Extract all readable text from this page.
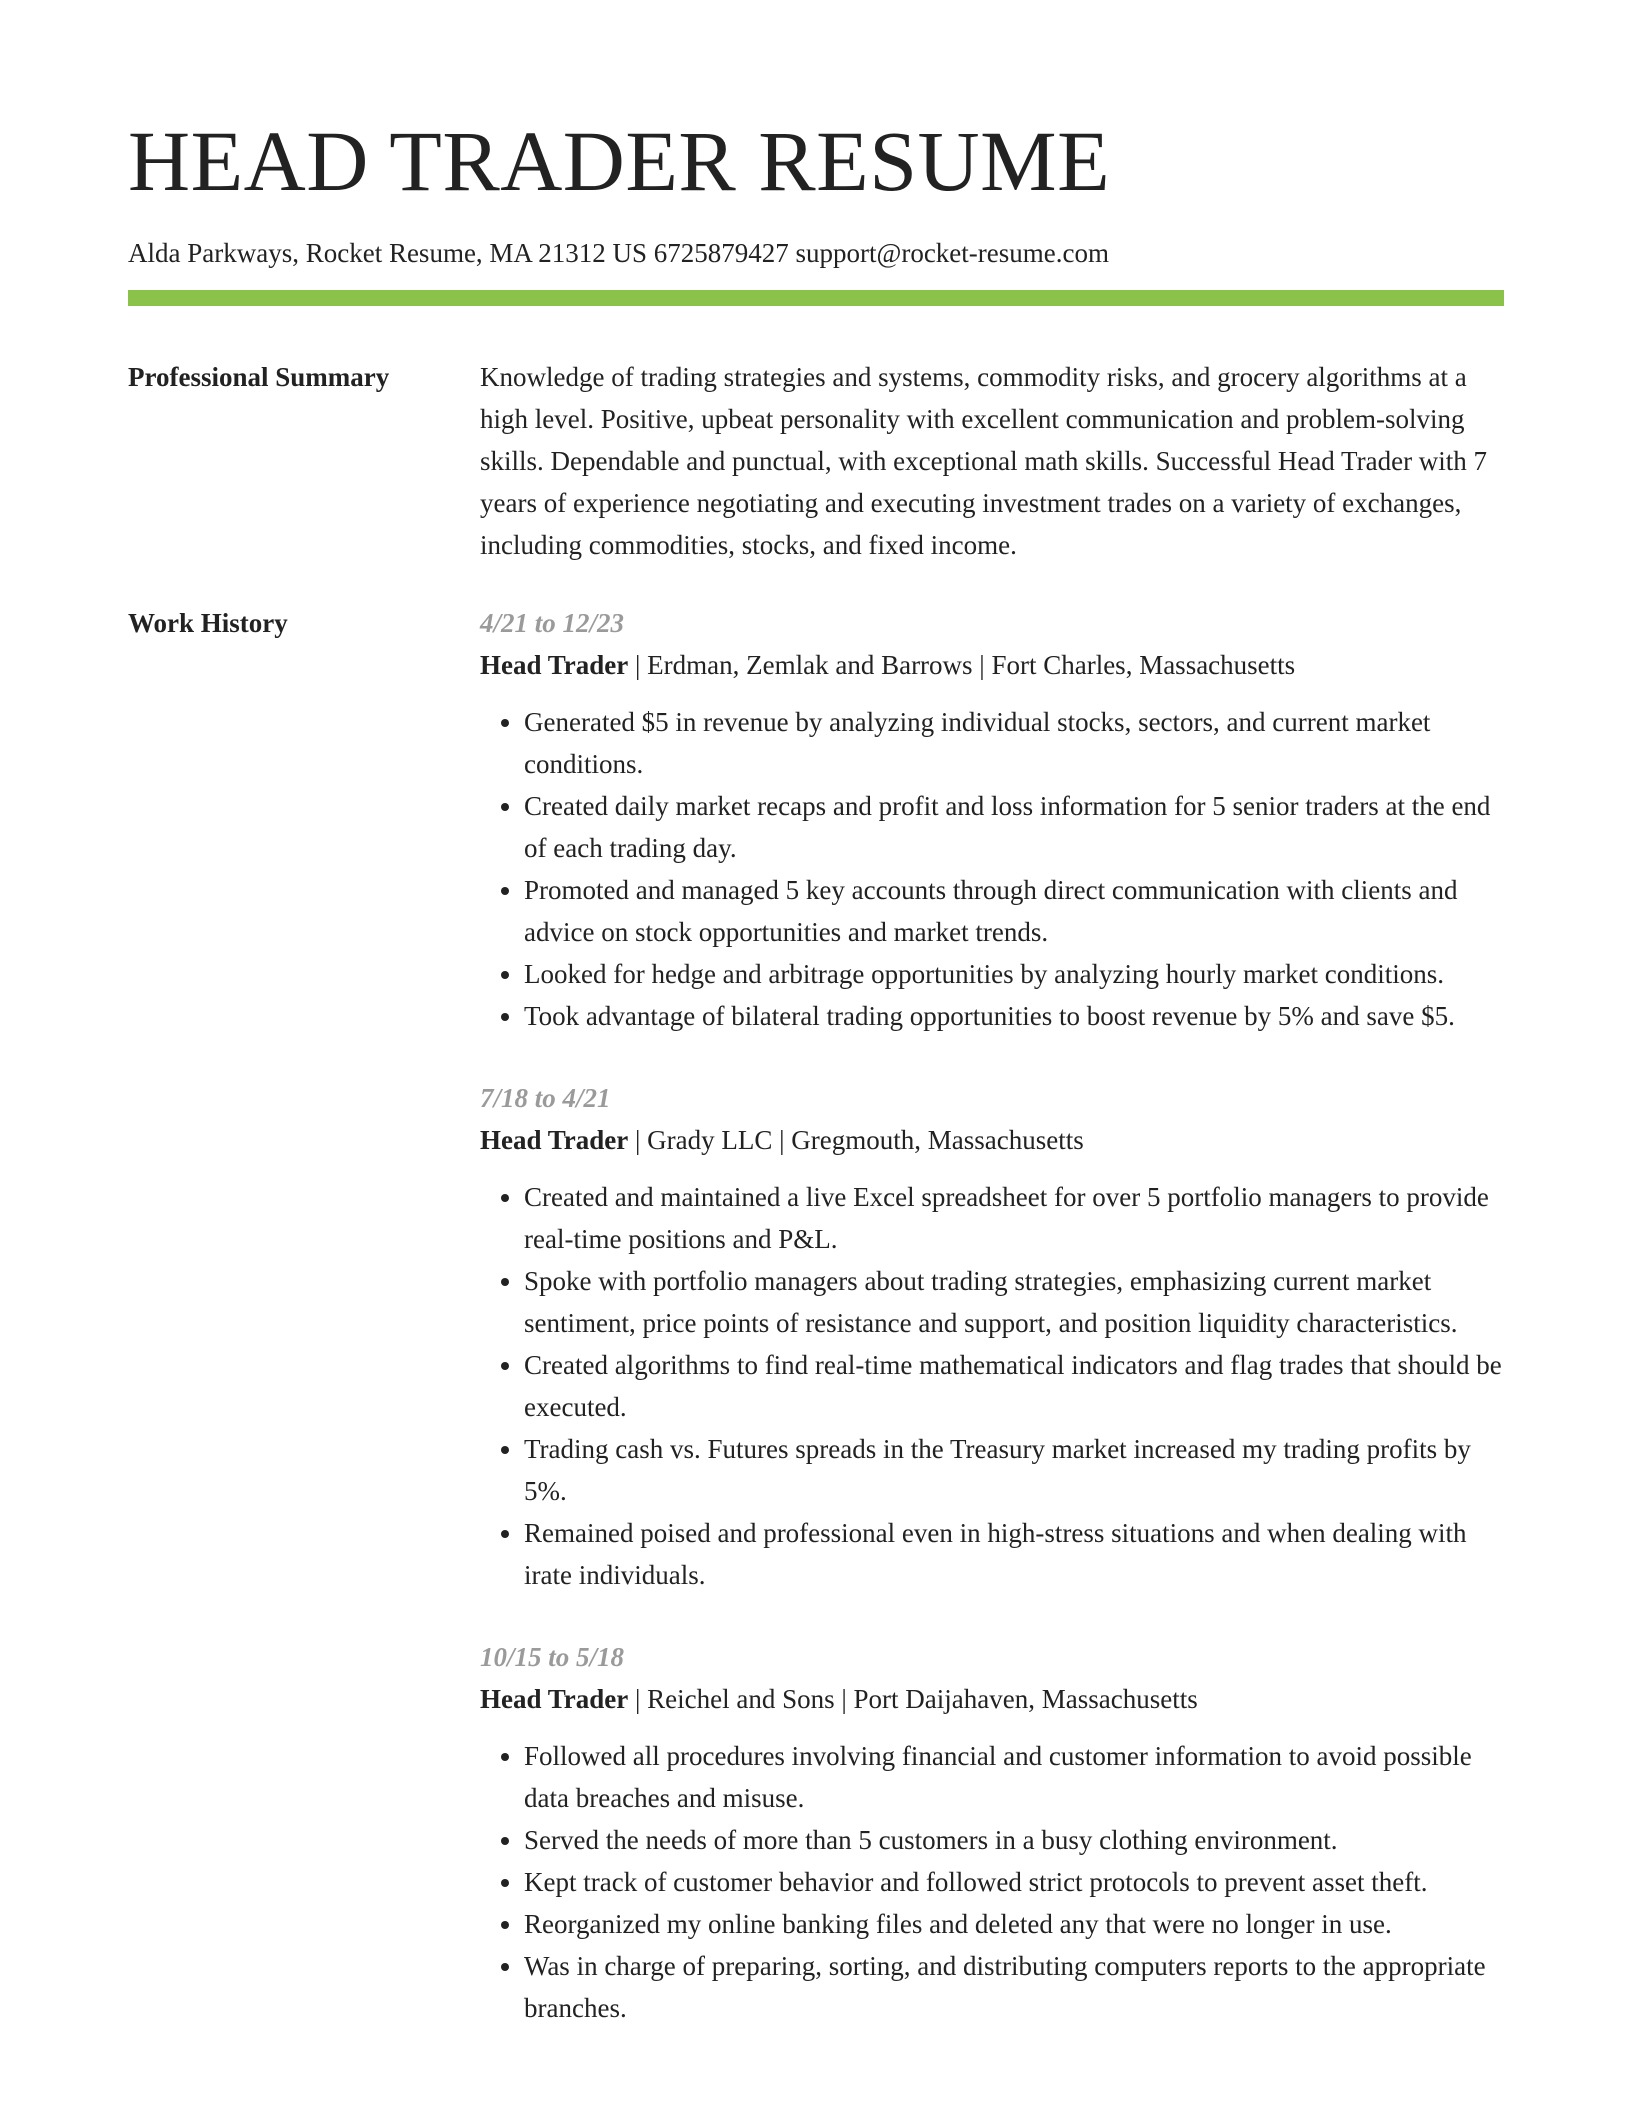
HEAD TRADER RESUME
Alda Parkways, Rocket Resume, MA 21312 US 6725879427 support@rocket-resume.com
Professional Summary	Knowledge of trading strategies and systems, commodity risks, and grocery algorithms at a high level. Positive, upbeat personality with excellent communication and problem-solving skills. Dependable and punctual, with exceptional math skills. Successful Head Trader with 7 years of experience negotiating and executing investment trades on a variety of exchanges, including commodities, stocks, and fixed income.

Work History	4/21 to 12/23
Head Trader | Erdman, Zemlak and Barrows | Fort Charles, Massachusetts
• Generated $5 in revenue by analyzing individual stocks, sectors, and current market conditions.
• Created daily market recaps and profit and loss information for 5 senior traders at the end of each trading day.
• Promoted and managed 5 key accounts through direct communication with clients and advice on stock opportunities and market trends.
• Looked for hedge and arbitrage opportunities by analyzing hourly market conditions.
• Took advantage of bilateral trading opportunities to boost revenue by 5% and save $5.
7/18 to 4/21
Head Trader | Grady LLC | Gregmouth, Massachusetts
• Created and maintained a live Excel spreadsheet for over 5 portfolio managers to provide real-time positions and P&L.
• Spoke with portfolio managers about trading strategies, emphasizing current market sentiment, price points of resistance and support, and position liquidity characteristics.
• Created algorithms to find real-time mathematical indicators and flag trades that should be executed.
• Trading cash vs. Futures spreads in the Treasury market increased my trading profits by 5%.
• Remained poised and professional even in high-stress situations and when dealing with irate individuals.
10/15 to 5/18
Head Trader | Reichel and Sons | Port Daijahaven, Massachusetts
• Followed all procedures involving financial and customer information to avoid possible data breaches and misuse.
• Served the needs of more than 5 customers in a busy clothing environment.
• Kept track of customer behavior and followed strict protocols to prevent asset theft.
• Reorganized my online banking files and deleted any that were no longer in use.
• Was in charge of preparing, sorting, and distributing computers reports to the appropriate branches.
